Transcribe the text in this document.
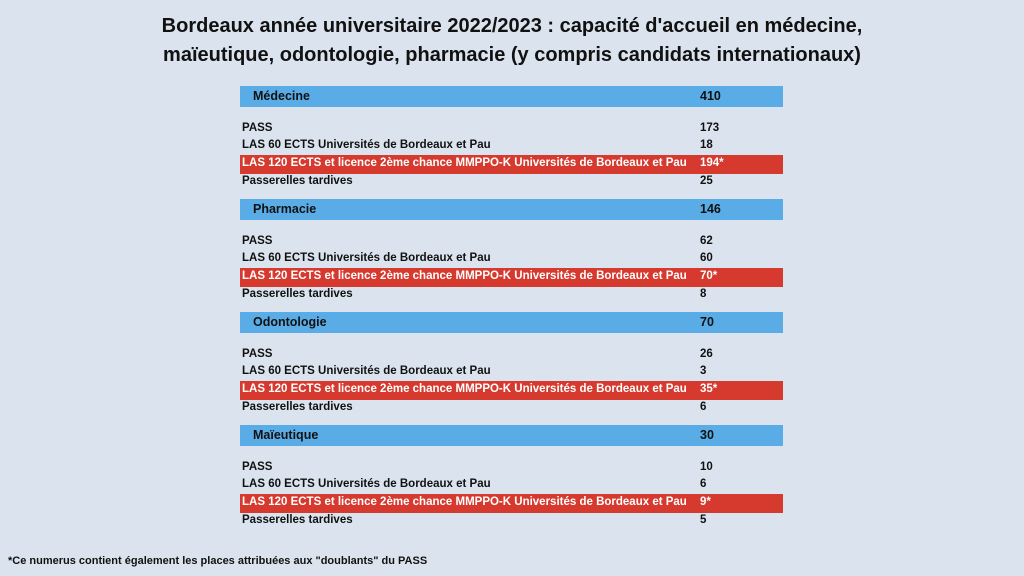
Bordeaux année universitaire 2022/2023 : capacité d'accueil en médecine,
maïeutique, odontologie, pharmacie (y compris candidats internationaux)
Médecine	410
PASS	173
LAS 60 ECTS Universités de Bordeaux et Pau	18
LAS 120 ECTS et licence 2ème chance MMPPO-K Universités de Bordeaux et Pau 194*
Passerelles tardives	25
Pharmacie	146
PASS	62
LAS 60 ECTS Universités de Bordeaux et Pau	60
LAS 120 ECTS et licence 2ème chance MMPPO-K Universités de Bordeaux et Pau 70*
Passerelles tardives	8
Odontologie	70
PASS	26
LAS 60 ECTS Universités de Bordeaux et Pau	3
LAS 120 ECTS et licence 2ème chance MMPPO-K Universités de Bordeaux et Pau 35*
Passerelles tardives	6
Maïeutique	30
PASS	10
LAS 60 ECTS Universités de Bordeaux et Pau	6
LAS 120 ECTS et licence 2ème chance MMPPO-K Universités de Bordeaux et Pau 9*
Passerelles tardives	5
*Ce numerus contient également les places attribuées aux "doublants" du PASS
